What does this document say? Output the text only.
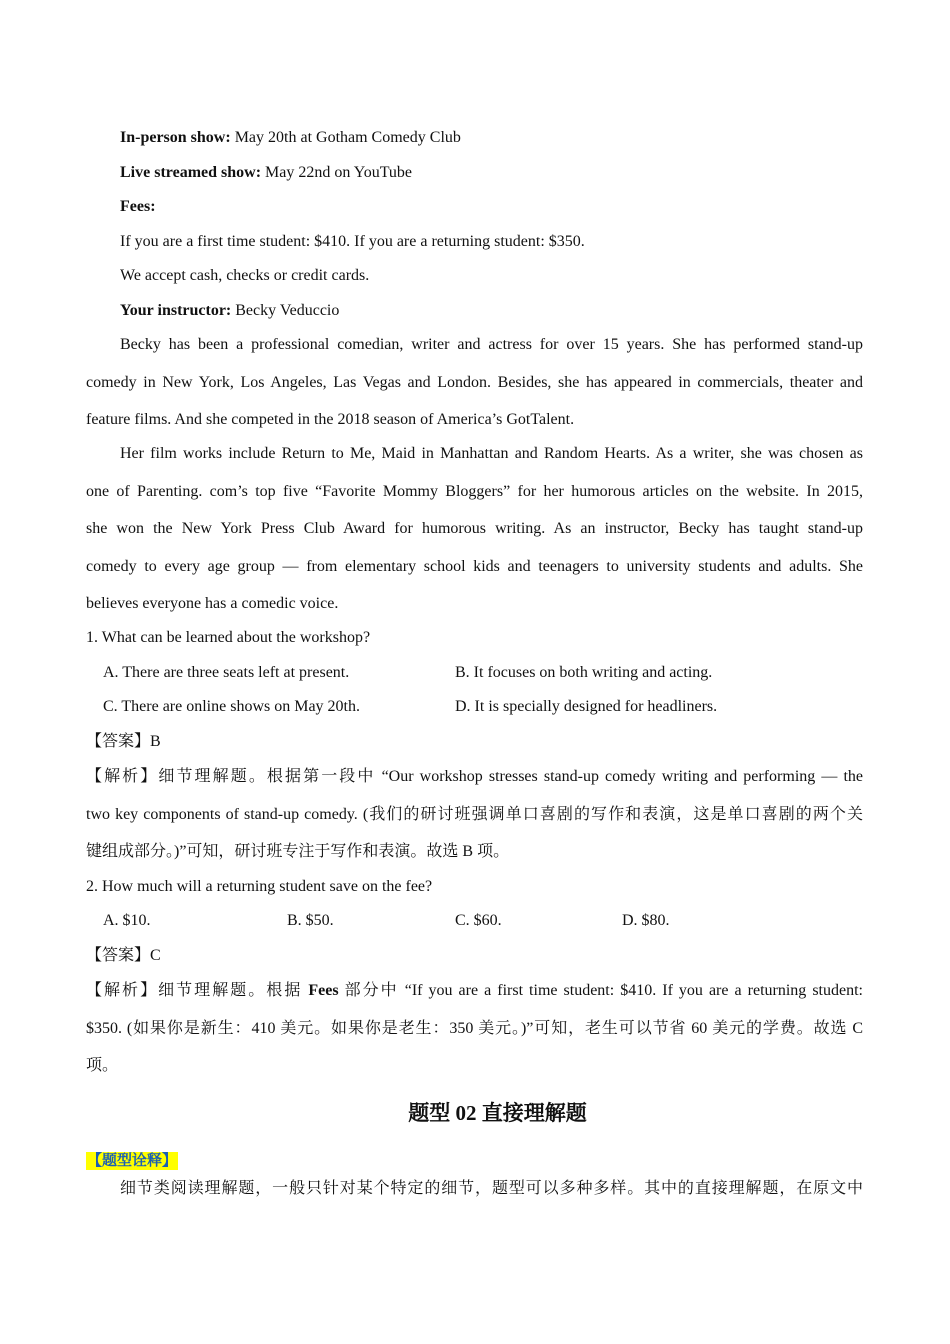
In-person show: May 20th at Gotham Comedy Club
Live streamed show: May 22nd on YouTube
Fees:
If you are a first time student: $410. If you are a returning student: $350.
We accept cash, checks or credit cards.
Your instructor: Becky Veduccio
Becky has been a professional comedian, writer and actress for over 15 years. She has performed stand-up
comedy in New York, Los Angeles, Las Vegas and London. Besides, she has appeared in commercials, theater and
feature films. And she competed in the 2018 season of America’s GotTalent.
Her film works include Return to Me, Maid in Manhattan and Random Hearts. As a writer, she was chosen as
one of Parenting. com’s top five “Favorite Mommy Bloggers” for her humorous articles on the website. In 2015,
she won the New York Press Club Award for humorous writing. As an instructor, Becky has taught stand-up
comedy to every age group — from elementary school kids and teenagers to university students and adults. She
believes everyone has a comedic voice.
1. What can be learned about the workshop?
A. There are three seats left at present.	B. It focuses on both writing and acting.
C. There are online shows on May 20th.	D. It is specially designed for headliners.
【答案】B
【解析】细节理解题。根据第一段中 “Our workshop stresses stand-up comedy writing and performing — the
two key components of stand-up comedy. (我们的研讨班强调单口喜剧的写作和表演，这是单口喜剧的两个关
键组成部分。)”可知，研讨班专注于写作和表演。故选 B 项。
2. How much will a returning student save on the fee?
A. $10.	B. $50.	C. $60.	D. $80.
【答案】C
【解析】细节理解题。根据 Fees 部分中 “If you are a first time student: $410. If you are a returning student:
$350. (如果你是新生：410 美元。如果你是老生：350 美元。)”可知，老生可以节省 60 美元的学费。故选 C
项。
题型 02 直接理解题
【题型诠释】
细节类阅读理解题，一般只针对某个特定的细节，题型可以多种多样。其中的直接理解题，在原文中
